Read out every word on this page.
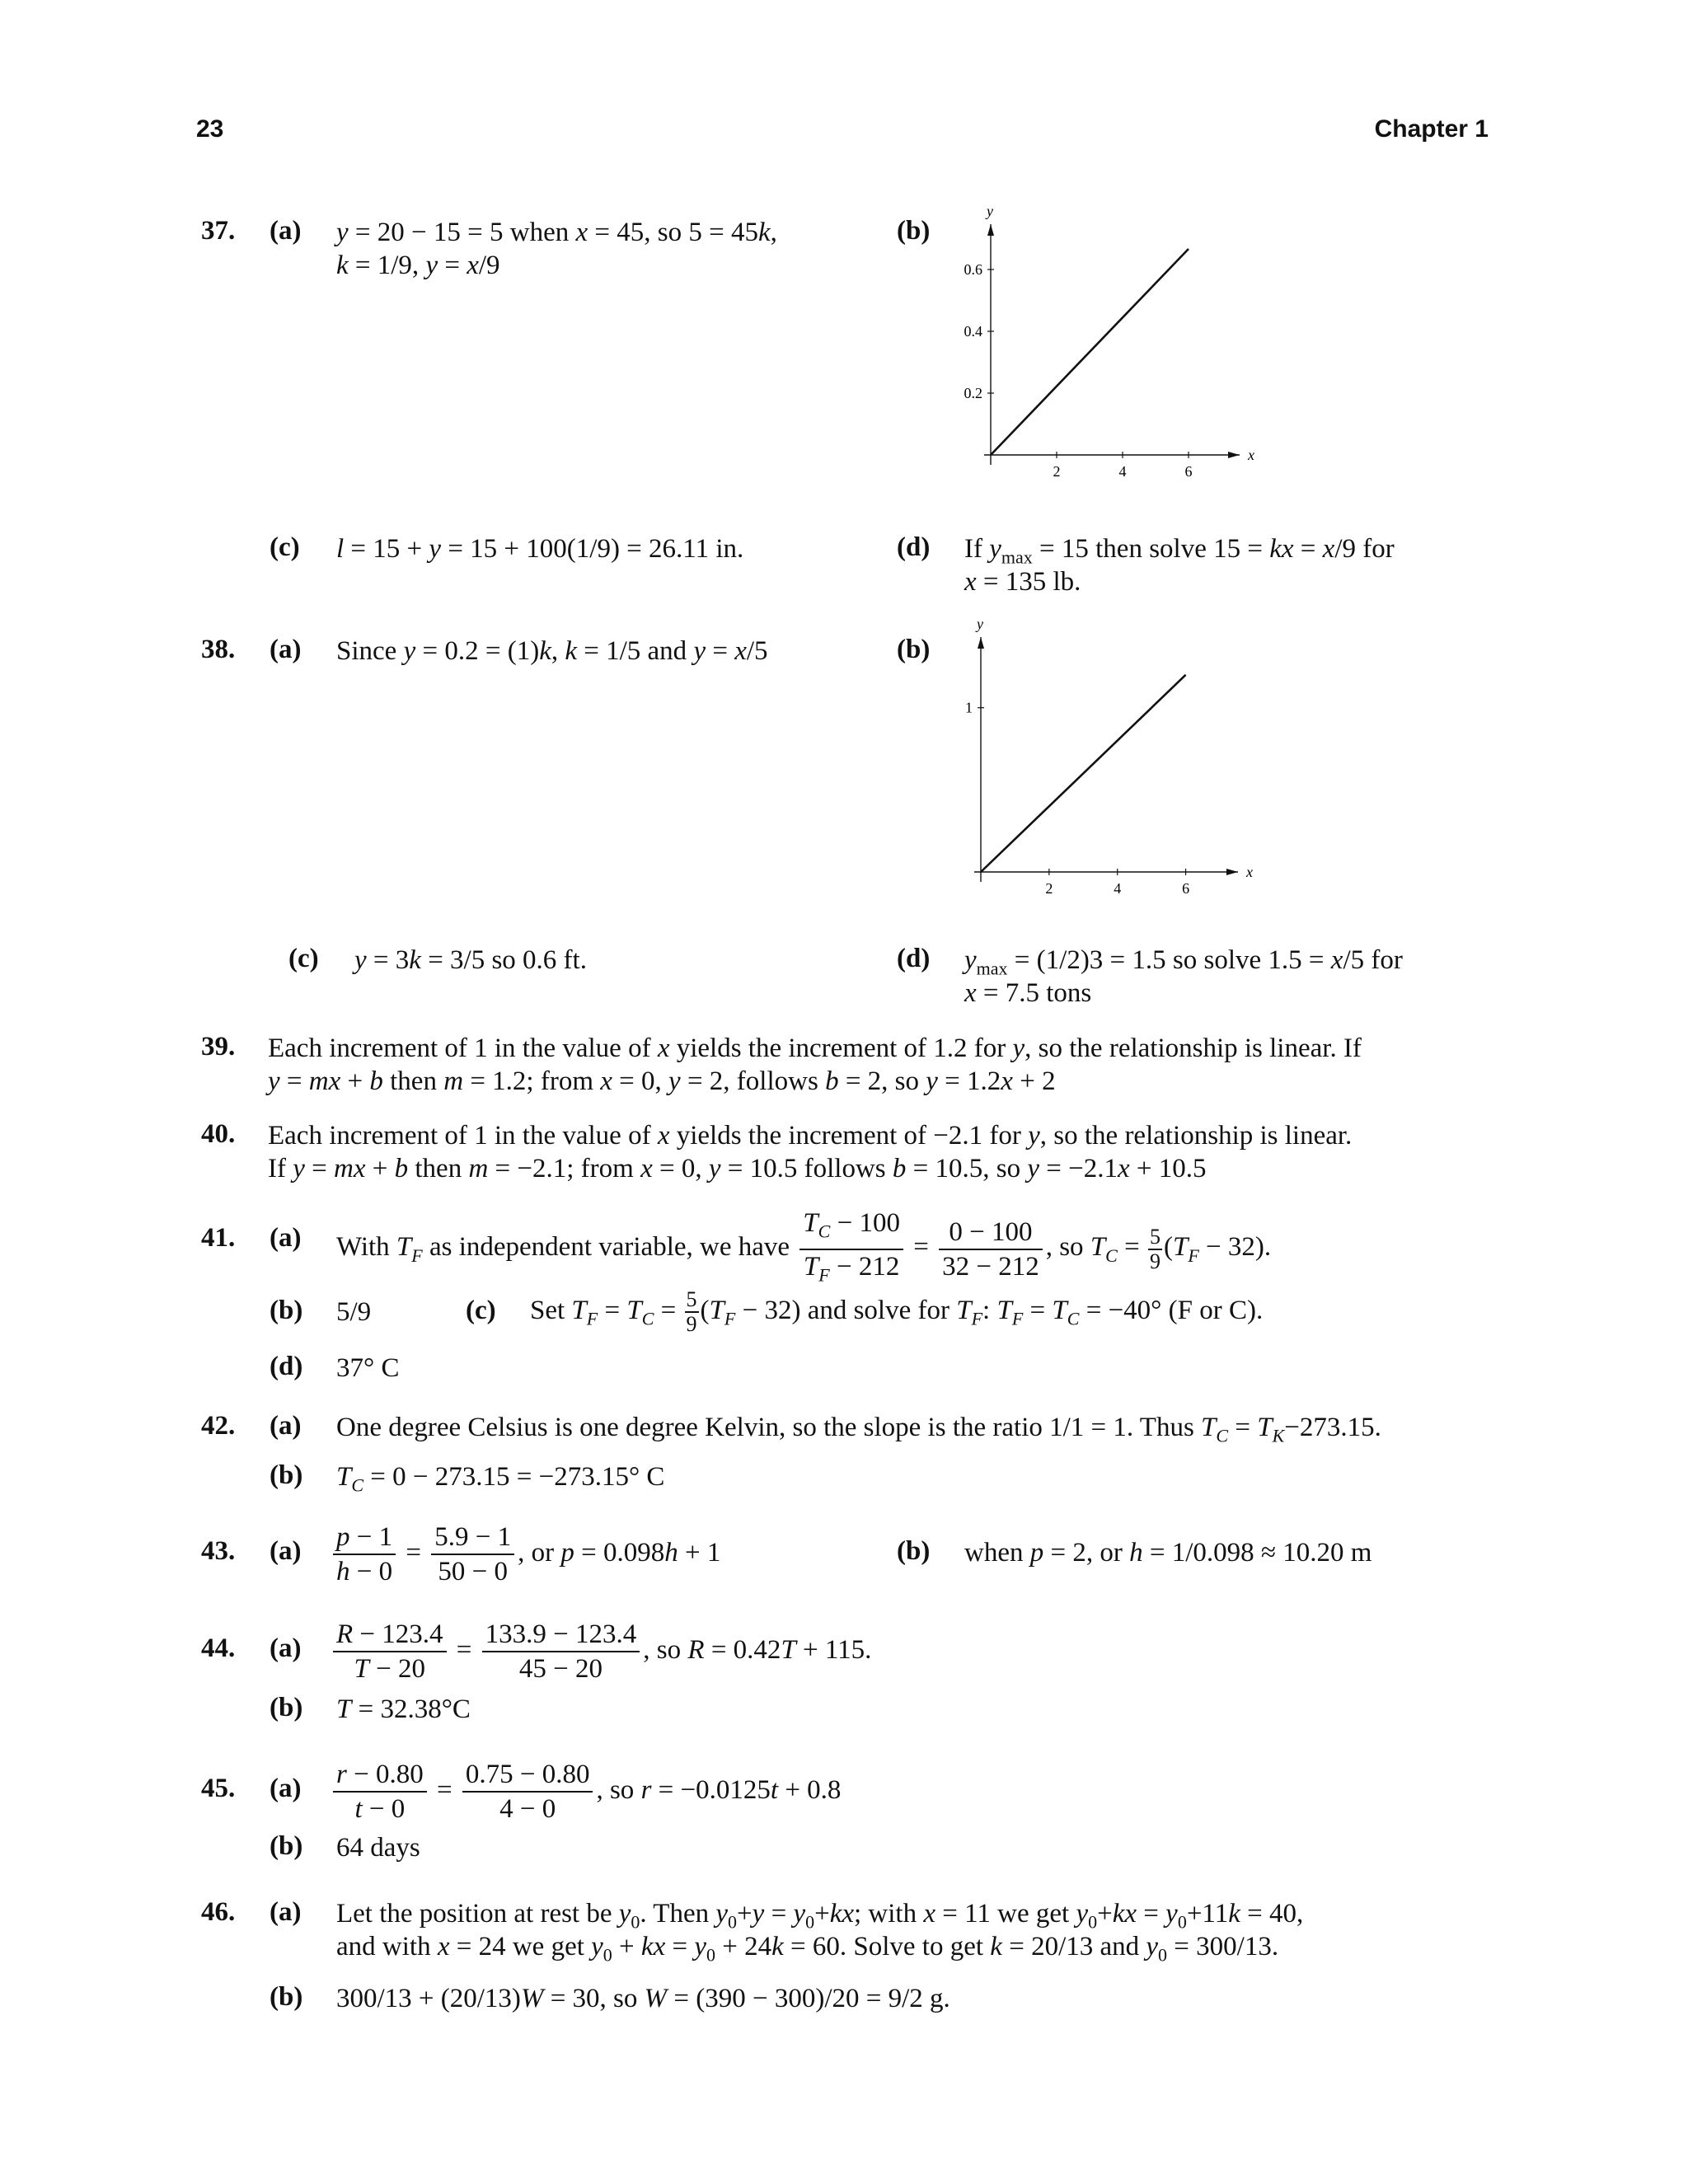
23	Chapter 1
37. (a) y = 20 − 15 = 5 when x = 45, so 5 = 45k,
k = 1/9, y = x/9
(b)
x
y
2	4	6
0.2
0.4
0.6
(c) l = 15 + y = 15 + 100(1/9) = 26.11 in.	(d) If $y_{max} = 15$ then solve 15 = kx = x/9 for
x = 135 lb.
38. (a) Since y = 0.2 = (1)k, k = 1/5 and y = x/5	(b)
x
y
2	4	6
1
(c) y = 3k = 3/5 so 0.6 ft.	(d) $y_{max} = (1/2)3 = 1.5$ so solve 1.5 = x/5 for
x = 7.5 tons
39. Each increment of 1 in the value of x yields the increment of 1.2 for y, so the relationship is linear. If
y = mx + b then m = 1.2; from x = 0, y = 2, follows b = 2, so y = 1.2x + 2
40. Each increment of 1 in the value of x yields the increment of −2.1 for y, so the relationship is linear.
If y = mx + b then m = −2.1; from x = 0, y = 10.5 follows b = 10.5, so y = −2.1x + 10.5
41. (a) With $T_F$ as independent variable, we have $\frac{T_C - 100}{T_F - 212} = \frac{0 - 100}{32 - 212}$ , so $T_C = \frac{5}{9} (T_F - 32)$.
(b) 5/9	(c) Set $T_F = T_C = \frac{5}{9} (T_F - 32)$ and solve for $T_F$: $T_F = T_C = -40^\circ$ (F or C).
(d) 37° C
42. (a) One degree Celsius is one degree Kelvin, so the slope is the ratio 1/1 = 1. Thus $T_C = T_K-273.15$.
(b) $T_C = 0 - 273.15 = -273.15^\circ$ C
43. $(a) \frac{p - 1}{h - 0} = \frac{5.9 - 1}{50 - 0}$ , or p = 0.098h + 1	(b) when p = 2, or h = 1/0.098 ≈ 10.20 m
44. $(a) \frac{R - 123.4}{T - 20} = \frac{133.9 - 123.4}{45 - 20}$ , so R = 0.42T + 115.
(b) T = 32.38°C
45. $(a) \frac{r - 0.80}{t - 0} = \frac{0.75 - 0.80}{4 - 0}$ , so r = −0.0125t + 0.8
(b) 64 days
46. (a) Let the position at rest be $y_0$. Then $y_0+y = y_0+kx$; with x = 11 we get $y_0+kx = y_0+11k = 40$,
and with x = 24 we get $y_0$ + kx = $y_0 + 24k = 60$. Solve to get k = 20/13 and $y_0 = 300/13$.
(b) 300/13 + (20/13)W = 30, so W = (390 − 300)/20 = 9/2 g.
